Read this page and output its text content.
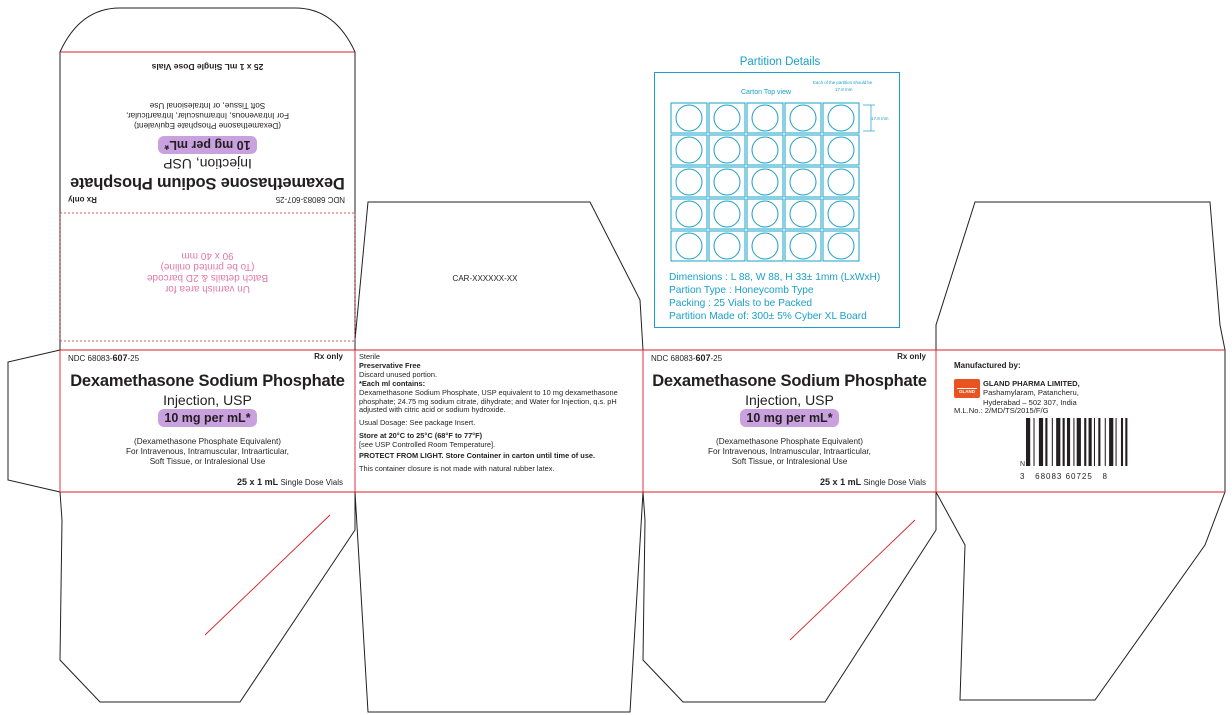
NDC 68083-607-25
Rx only
Dexamethasone Sodium Phosphate
Injection, USP
10 mg per mL*
(Dexamethasone Phosphate Equivalent)
For Intravenous, Intramuscular, Intraarticular,
Soft Tissue, or Intralesional Use
25 x 1 mL Single Dose Vials
Un varnish area for
Batch details & 2D barcode
(To be printed online)
90 x 40 mm
CAR-XXXXXX-XX
Partition Details
Carton Top view
Each of the partition should be
17.8 mm
17.8 mm
Dimensions : L 88, W 88, H 33± 1mm (LxWxH)
Partion Type : Honeycomb Type
Packing : 25 Vials to be Packed
Partition Made of: 300± 5% Cyber XL Board
NDC 68083-607-25	Rx only
Dexamethasone Sodium Phosphate
Injection, USP
10 mg per mL*
(Dexamethasone Phosphate Equivalent)
For Intravenous, Intramuscular, Intraarticular,
Soft Tissue, or Intralesional Use
25 x 1 mL Single Dose Vials
Sterile
Preservative Free
Discard unused portion.
*Each ml contains:
Dexamethasone Sodium Phosphate, USP equivalent to 10 mg dexamethasone
phosphate; 24.75 mg sodium citrate, dihydrate; and Water for Injection, q.s. pH
adjusted with citric acid or sodium hydroxide.
Usual Dosage: See package Insert.
Store at 20°C to 25°C (68°F to 77°F)
[see USP Controlled Room Temperature].
PROTECT FROM LIGHT. Store Container in carton until time of use.
This container closure is not made with natural rubber latex.
NDC 68083-607-25	Rx only
Dexamethasone Sodium Phosphate
Injection, USP
10 mg per mL*
(Dexamethasone Phosphate Equivalent)
For Intravenous, Intramuscular, Intraarticular,
Soft Tissue, or Intralesional Use
25 x 1 mL Single Dose Vials
Manufactured by:
GLAND
GLAND PHARMA LIMITED,
Pashamylaram, Patancheru,
Hyderabad – 502 307, India
M.L.No.: 2/MD/TS/2015/F/G
N
3   68083 60725   8
